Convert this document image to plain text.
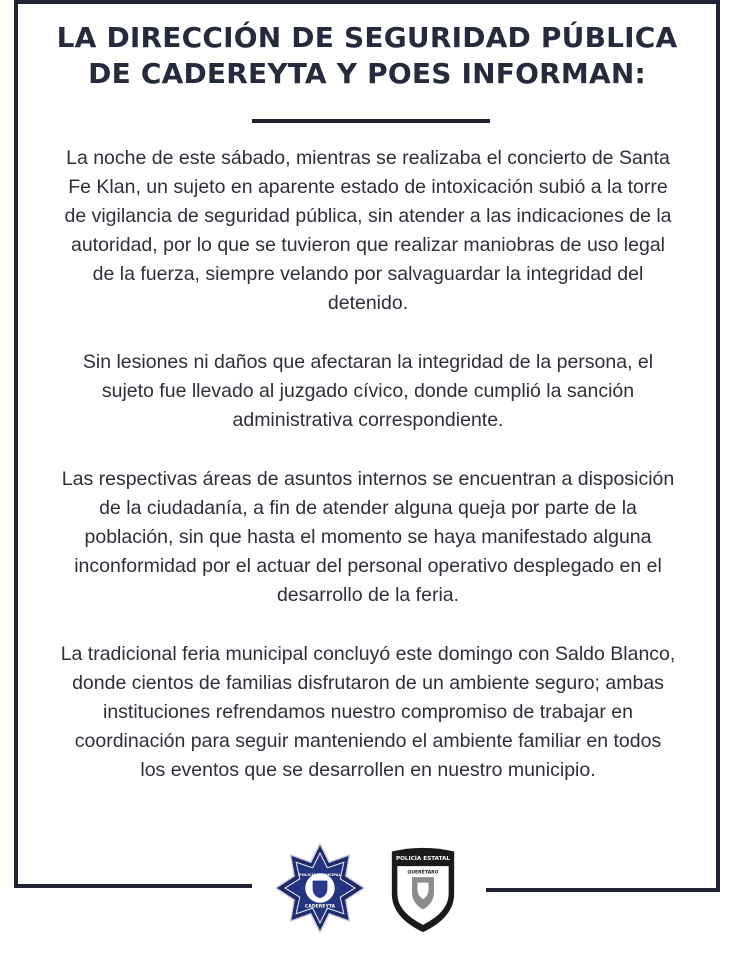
LA DIRECCIÓN DE SEGURIDAD PÚBLICA
DE CADEREYTA Y POES INFORMAN:

La noche de este sábado, mientras se realizaba el concierto de Santa Fe Klan, un sujeto en aparente estado de intoxicación subió a la torre de vigilancia de seguridad pública, sin atender a las indicaciones de la autoridad, por lo que se tuvieron que realizar maniobras de uso legal de la fuerza, siempre velando por salvaguardar la integridad del detenido.

Sin lesiones ni daños que afectaran la integridad de la persona, el sujeto fue llevado al juzgado cívico, donde cumplió la sanción administrativa correspondiente.

Las respectivas áreas de asuntos internos se encuentran a disposición de la ciudadanía, a fin de atender alguna queja por parte de la población, sin que hasta el momento se haya manifestado alguna inconformidad por el actuar del personal operativo desplegado en el desarrollo de la feria.

La tradicional feria municipal concluyó este domingo con Saldo Blanco, donde cientos de familias disfrutaron de un ambiente seguro; ambas instituciones refrendamos nuestro compromiso de trabajar en coordinación para seguir manteniendo el ambiente familiar en todos los eventos que se desarrollen en nuestro municipio.

POLICÍA MUNICIPAL
CADEREYTA
POLICÍA ESTATAL
QUERÉTARO
